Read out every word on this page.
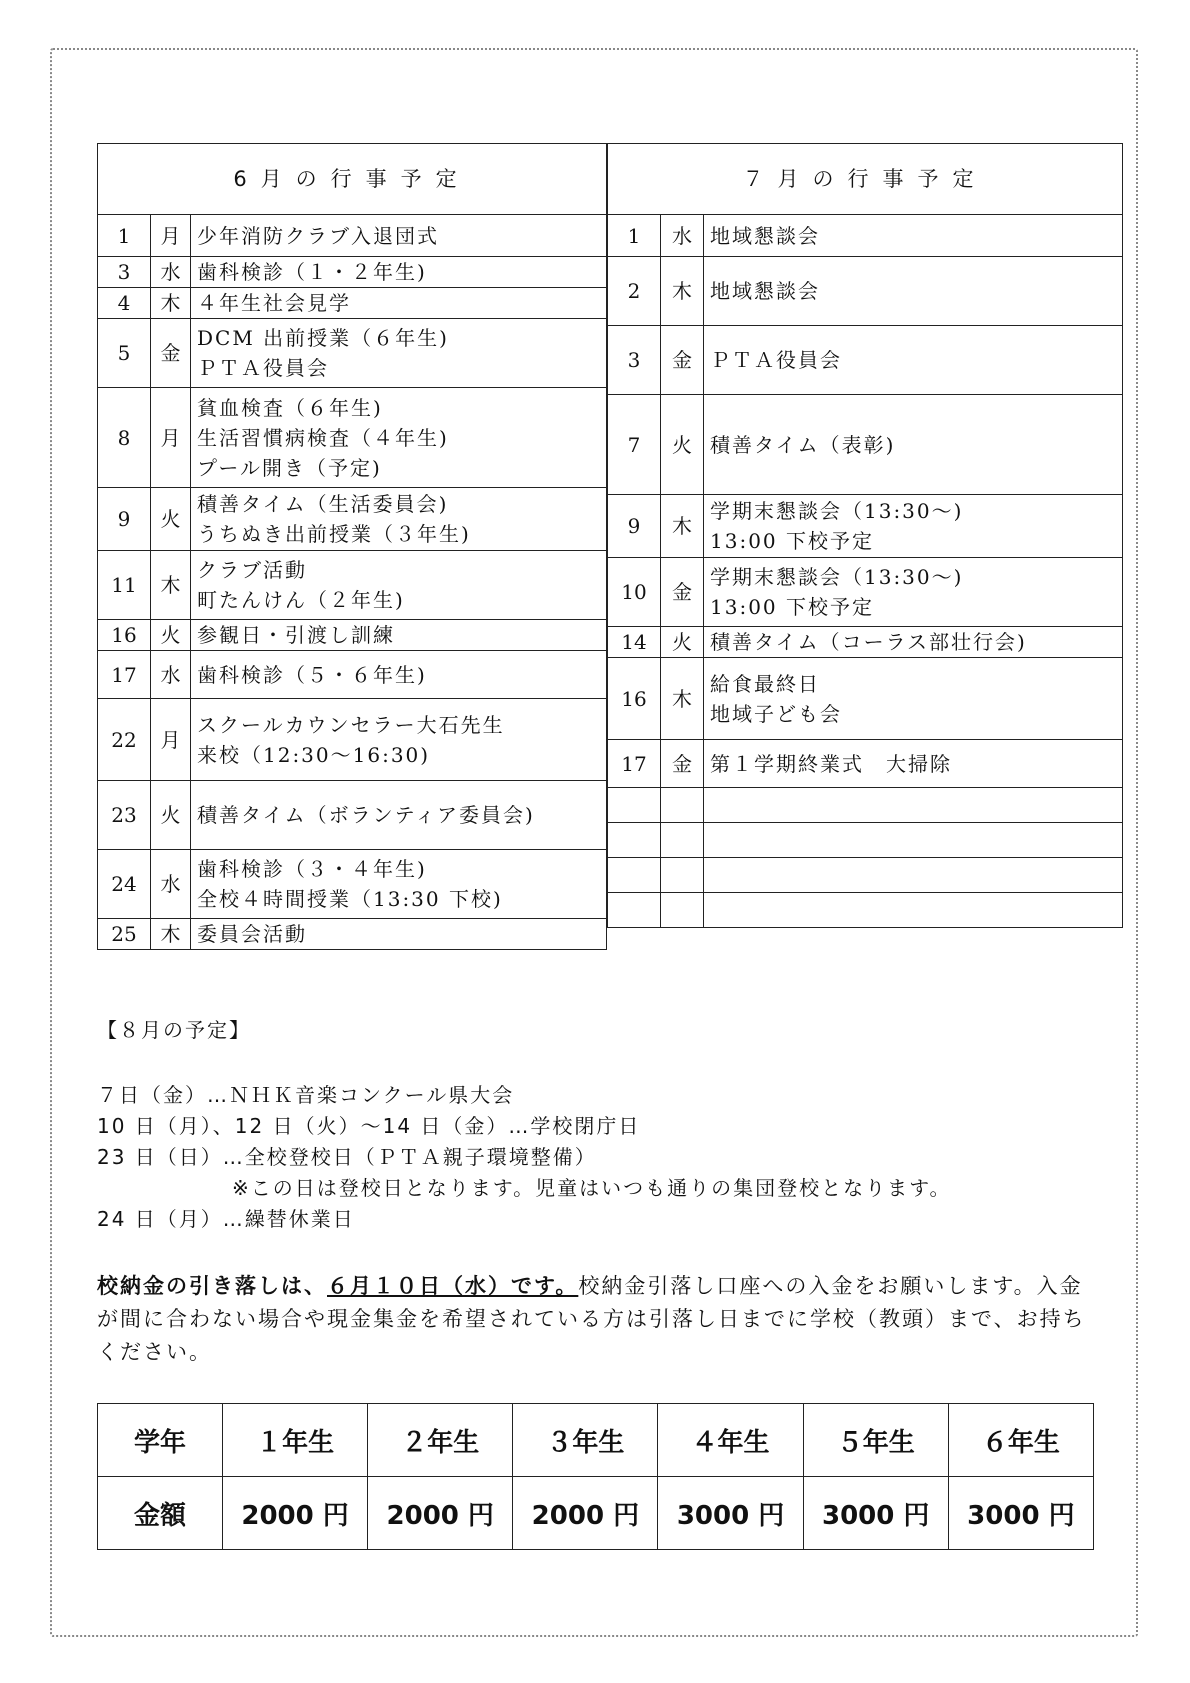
6月の行事予定		
1	月	少年消防クラブ入退団式

3	水	歯科検診（１・２年生)

4	木	４年生社会見学

5	金	DCM 出前授業（６年生)
ＰＴＡ役員会

8	月	貧血検査（６年生)
生活習慣病検査（４年生)
プール開き（予定)

9	火	積善タイム（生活委員会)
うちぬき出前授業（３年生)

11	木	クラブ活動
町たんけん（２年生)

16	火	参観日・引渡し訓練

17	水	歯科検診（５・６年生)

22	月	スクールカウンセラー大石先生
来校（12:30～16:30)

23	火	積善タイム（ボランティア委員会)

24	水	歯科検診（３・４年生)
全校４時間授業（13:30 下校)

25	木	委員会活動
７月の行事予定		
1	水	地域懇談会

2	木	地域懇談会

3	金	ＰＴＡ役員会

7	火	積善タイム（表彰)

9	木	学期末懇談会（13:30～)
13:00 下校予定

10	金	学期末懇談会（13:30～)
13:00 下校予定

14	火	積善タイム（コーラス部壮行会)

16	木	給食最終日
地域子ども会

17	金	第１学期終業式　大掃除

【８月の予定】
７日（金）…ＮＨＫ音楽コンクール県大会
10 日（月）、12 日（火）～14 日（金）…学校閉庁日
23 日（日）…全校登校日（ＰＴＡ親子環境整備）
※この日は登校日となります。児童はいつも通りの集団登校となります。
24 日（月）…繰替休業日
校納金の引き落しは、６月１０日（水）です。校納金引落し口座への入金をお願いします。入金が間に合わない場合や現金集金を希望されている方は引落し日までに学校（教頭）まで、お持ちください。
学年	１年生	２年生	３年生	４年生	５年生	６年生
金額	2000 円	2000 円	2000 円	3000 円	3000 円	3000 円
